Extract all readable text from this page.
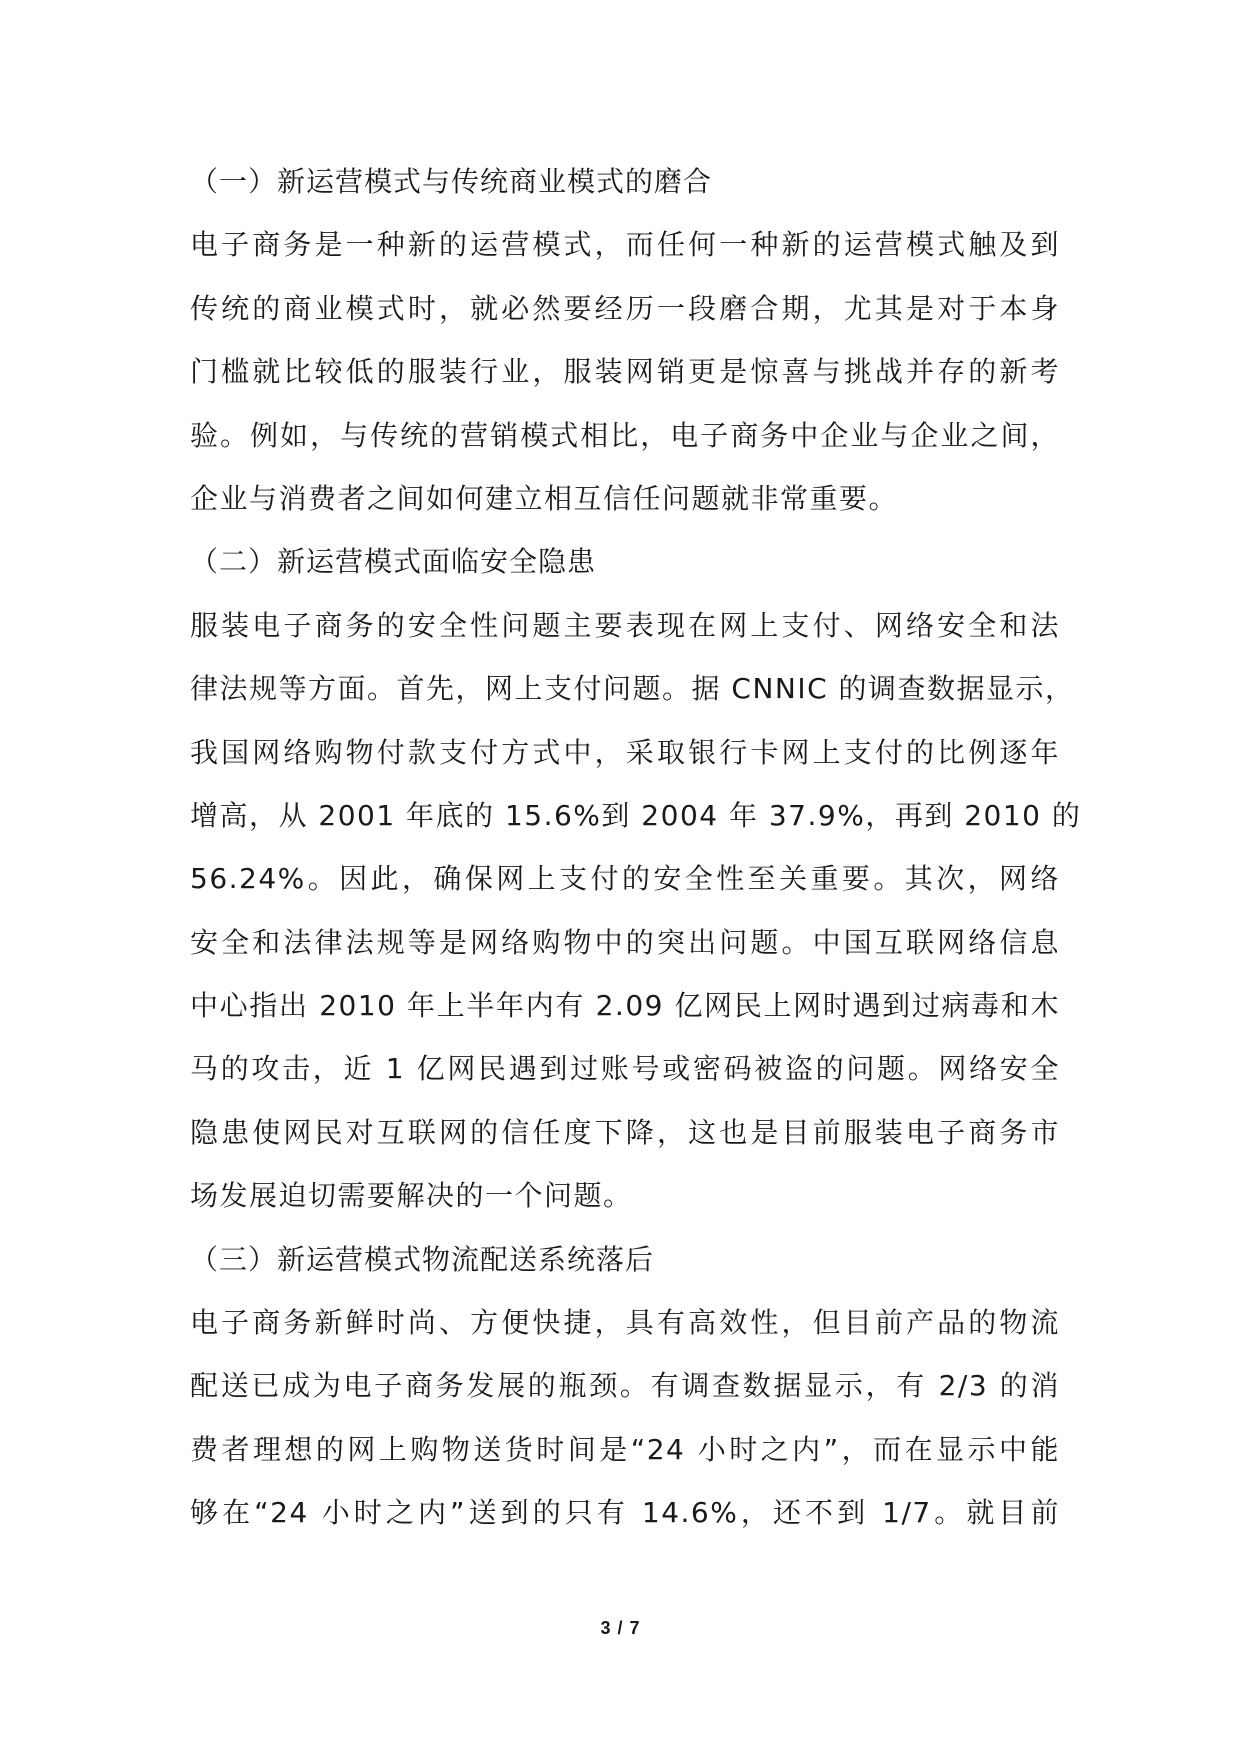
（一）新运营模式与传统商业模式的磨合
电子商务是一种新的运营模式，而任何一种新的运营模式触及到
传统的商业模式时，就必然要经历一段磨合期，尤其是对于本身
门槛就比较低的服装行业，服装网销更是惊喜与挑战并存的新考
验。例如，与传统的营销模式相比，电子商务中企业与企业之间，
企业与消费者之间如何建立相互信任问题就非常重要。
（二）新运营模式面临安全隐患
服装电子商务的安全性问题主要表现在网上支付、网络安全和法
律法规等方面。首先，网上支付问题。据 CNNIC 的调查数据显示，
我国网络购物付款支付方式中，采取银行卡网上支付的比例逐年
增高，从 2001 年底的 15.6%到 2004 年 37.9%，再到 2010 的
56.24%。因此，确保网上支付的安全性至关重要。其次，网络
安全和法律法规等是网络购物中的突出问题。中国互联网络信息
中心指出 2010 年上半年内有 2.09 亿网民上网时遇到过病毒和木
马的攻击，近 1 亿网民遇到过账号或密码被盗的问题。网络安全
隐患使网民对互联网的信任度下降，这也是目前服装电子商务市
场发展迫切需要解决的一个问题。
（三）新运营模式物流配送系统落后
电子商务新鲜时尚、方便快捷，具有高效性，但目前产品的物流
配送已成为电子商务发展的瓶颈。有调查数据显示，有 2/3 的消
费者理想的网上购物送货时间是“24 小时之内”，而在显示中能
够在“24 小时之内”送到的只有 14.6%，还不到 1/7。就目前
3 / 7
